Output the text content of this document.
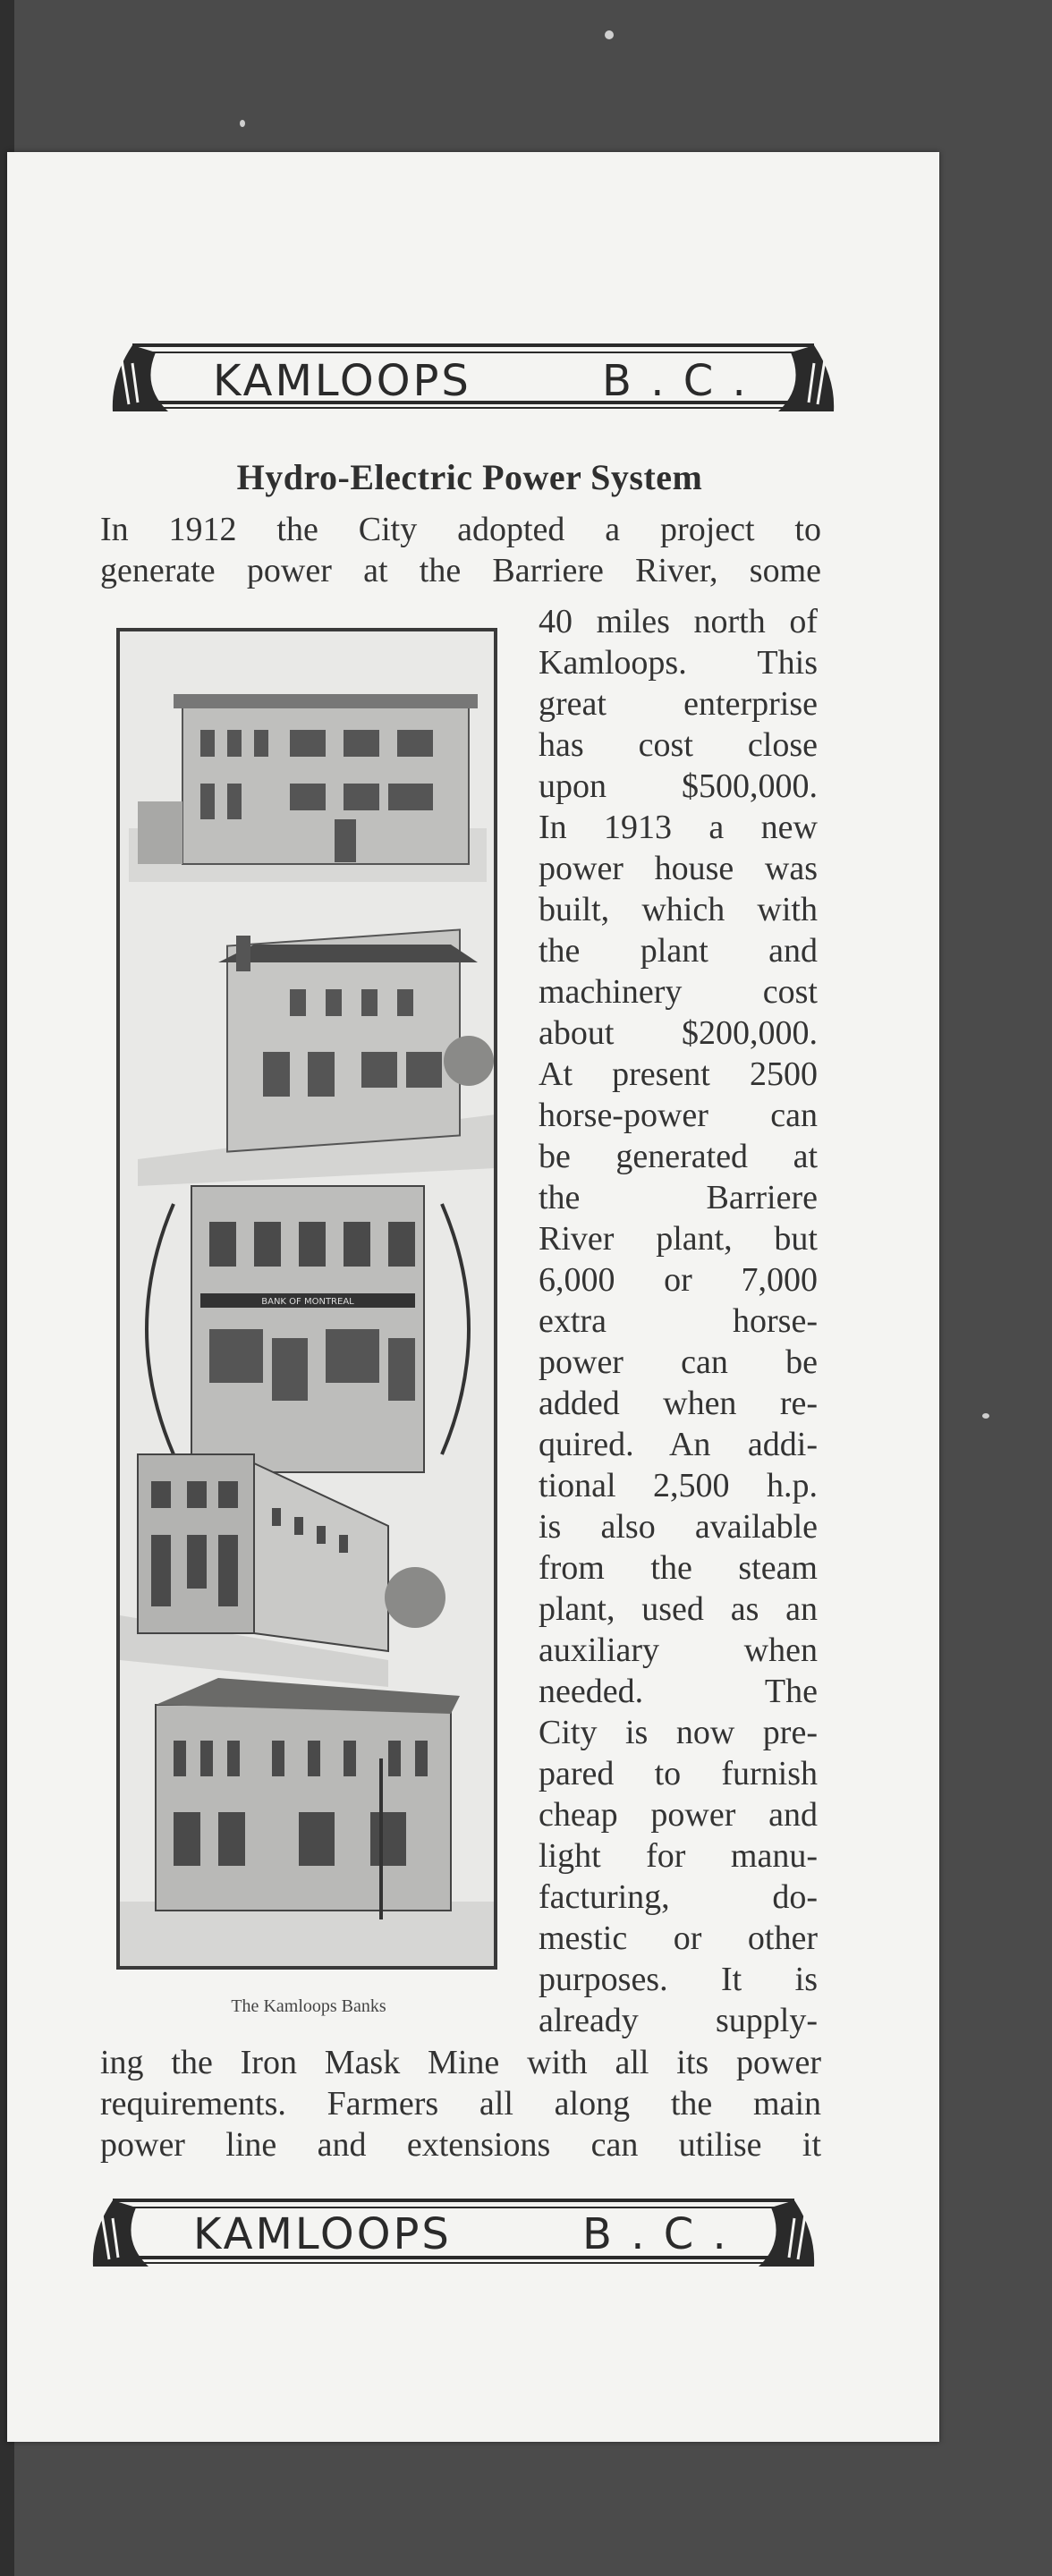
KAMLOOPS	B . C .
Hydro-Electric Power System
In 1912 the City adopted a project to
generate power at the Barriere River, some
BANK OF MONTREAL
The Kamloops Banks
40 miles north of
Kamloops. This
great enterprise
has cost close
upon $500,000.
In 1913 a new
power house was
built, which with
the plant and
machinery cost
about $200,000.
At present 2500
horse-power can
be generated at
the Barriere
River plant, but
6,000 or 7,000
extra horse-
power can be
added when re-
quired. An addi-
tional 2,500 h.p.
is also available
from the steam
plant, used as an
auxiliary when
needed. The
City is now pre-
pared to furnish
cheap power and
light for manu-
facturing, do-
mestic or other
purposes. It is
already supply-
ing the Iron Mask Mine with all its power
requirements. Farmers all along the main
power line and extensions can utilise it
KAMLOOPS	B . C .
